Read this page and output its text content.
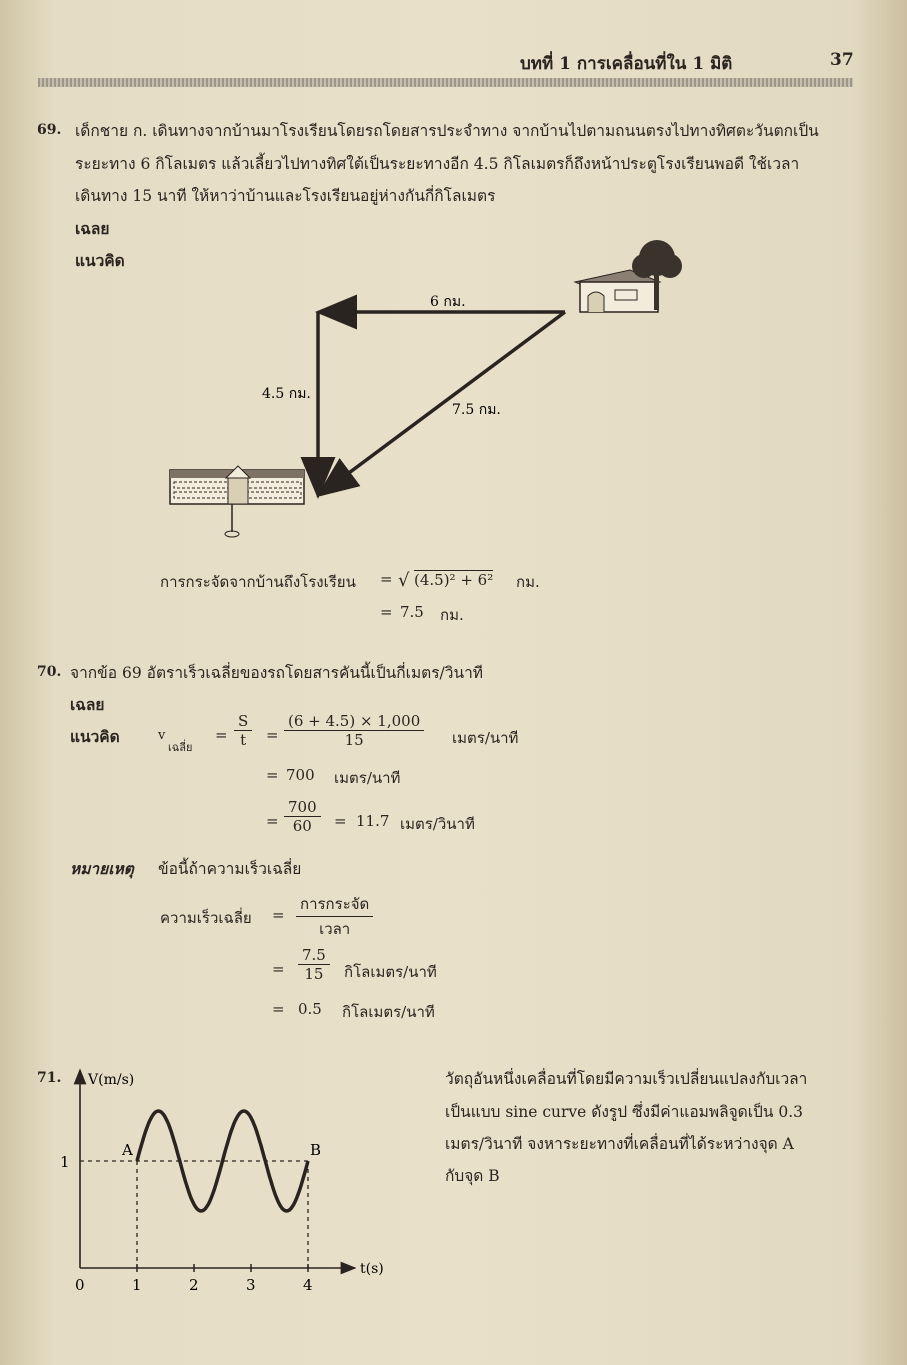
บทที่ 1 การเคลื่อนที่ใน 1 มิติ	37
69. เด็กชาย ก. เดินทางจากบ้านมาโรงเรียนโดยรถโดยสารประจำทาง จากบ้านไปตามถนนตรงไปทางทิศตะวันตกเป็น
ระยะทาง 6 กิโลเมตร แล้วเลี้ยวไปทางทิศใต้เป็นระยะทางอีก 4.5 กิโลเมตรก็ถึงหน้าประตูโรงเรียนพอดี ใช้เวลา
เดินทาง 15 นาที ให้หาว่าบ้านและโรงเรียนอยู่ห่างกันกี่กิโลเมตร
เฉลย
แนวคิด
6 กม.
4.5 กม.
7.5 กม.
การกระจัดจากบ้านถึงโรงเรียน = √ (4.5)² + 6² กม.
= 7.5 กม.
70. จากข้อ 69 อัตราเร็วเฉลี่ยของรถโดยสารคันนี้เป็นกี่เมตร/วินาที
เฉลย
แนวคิด	v
เฉลี่ย
= $\frac{S}{t} = \frac{(6 + 4.5) \times 1,000}{15}$ เมตร/นาที
= 700 เมตร/นาที
= $\frac{700}{60} = 11.7$ เมตร/วินาที
หมายเหตุ ข้อนี้ถ้าความเร็วเฉลี่ย
ความเร็วเฉลี่ย =
การกระจัด
เวลา
= $\frac{7.5}{15}$ กิโลเมตร/นาที
= 0.5 กิโลเมตร/นาที
71. V(m/s)
t(s)
0	1	2	3	4
1
A	B
วัตถุอันหนึ่งเคลื่อนที่โดยมีความเร็วเปลี่ยนแปลงกับเวลา
เป็นแบบ sine curve ดังรูป ซึ่งมีค่าแอมพลิจูดเป็น 0.3
เมตร/วินาที จงหาระยะทางที่เคลื่อนที่ได้ระหว่างจุด A
กับจุด B
